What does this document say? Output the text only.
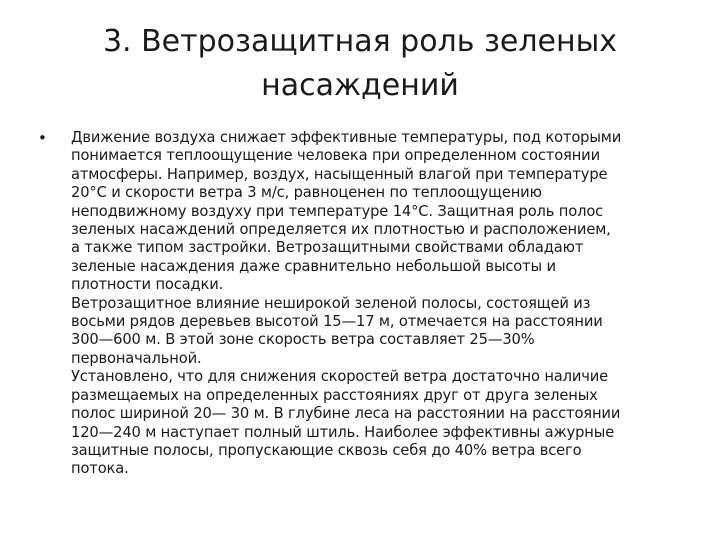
3. Ветрозащитная роль зеленых
насаждений
•	Движение воздуха снижает эффективные температуры, под которыми
понимается теплоощущение человека при определенном состоянии
атмосферы. Например, воздух, насыщенный влагой при температуре
20°C и скорости ветра 3 м/с, равноценен по теплоощущению
неподвижному воздуху при температуре 14°С. Защитная роль полос
зеленых насаждений определяется их плотностью и расположением,
а также типом застройки. Ветрозащитными свойствами обладают
зеленые насаждения даже сравнительно небольшой высоты и
плотности посадки.
Ветрозащитное влияние неширокой зеленой полосы, состоящей из
восьми рядов деревьев высотой 15—17 м, отмечается на расстоянии
300—600 м. В этой зоне скорость ветра составляет 25—30%
первоначальной.
Установлено, что для снижения скоростей ветра достаточно наличие
размещаемых на определенных расстояниях друг от друга зеленых
полос шириной 20— 30 м. В глубине леса на расстоянии на расстоянии
120—240 м наступает полный штиль. Наиболее эффективны ажурные
защитные полосы, пропускающие сквозь себя до 40% ветра всего
потока.
